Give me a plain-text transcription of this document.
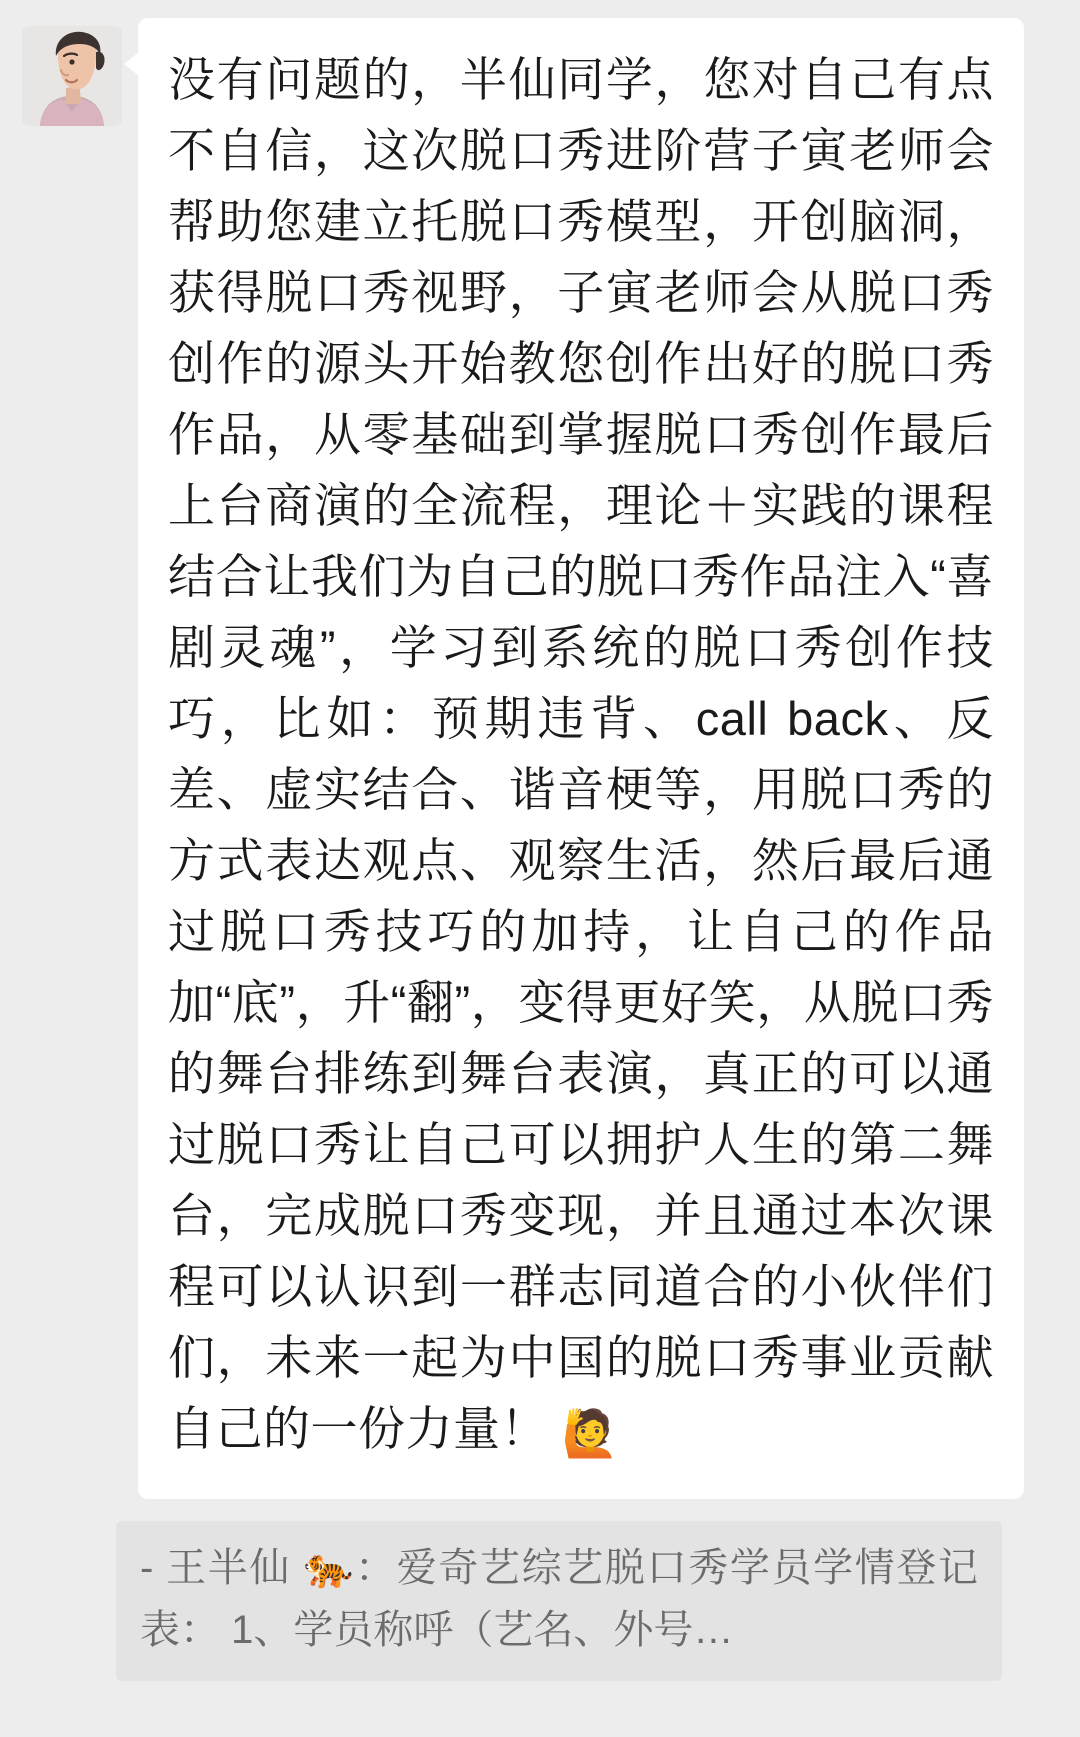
没有问题的，半仙同学，您对自己有点不自信，这次脱口秀进阶营子寅老师会帮助您建立托脱口秀模型，开创脑洞，获得脱口秀视野，子寅老师会从脱口秀创作的源头开始教您创作出好的脱口秀作品，从零基础到掌握脱口秀创作最后上台商演的全流程，理论＋实践的课程结合让我们为自己的脱口秀作品注入“喜剧灵魂”，学习到系统的脱口秀创作技巧，比如：预期违背、call back、反差、虚实结合、谐音梗等，用脱口秀的方式表达观点、观察生活，然后最后通过脱口秀技巧的加持，让自己的作品加“底”，升“翻”，变得更好笑，从脱口秀的舞台排练到舞台表演，真正的可以通过脱口秀让自己可以拥护人生的第二舞台，完成脱口秀变现，并且通过本次课程可以认识到一群志同道合的小伙伴们们，未来一起为中国的脱口秀事业贡献自己的一份力量！ 🙋
- 王半仙 🐅：爱奇艺综艺脱口秀学员学情登记表： 1、学员称呼（艺名、外号…
